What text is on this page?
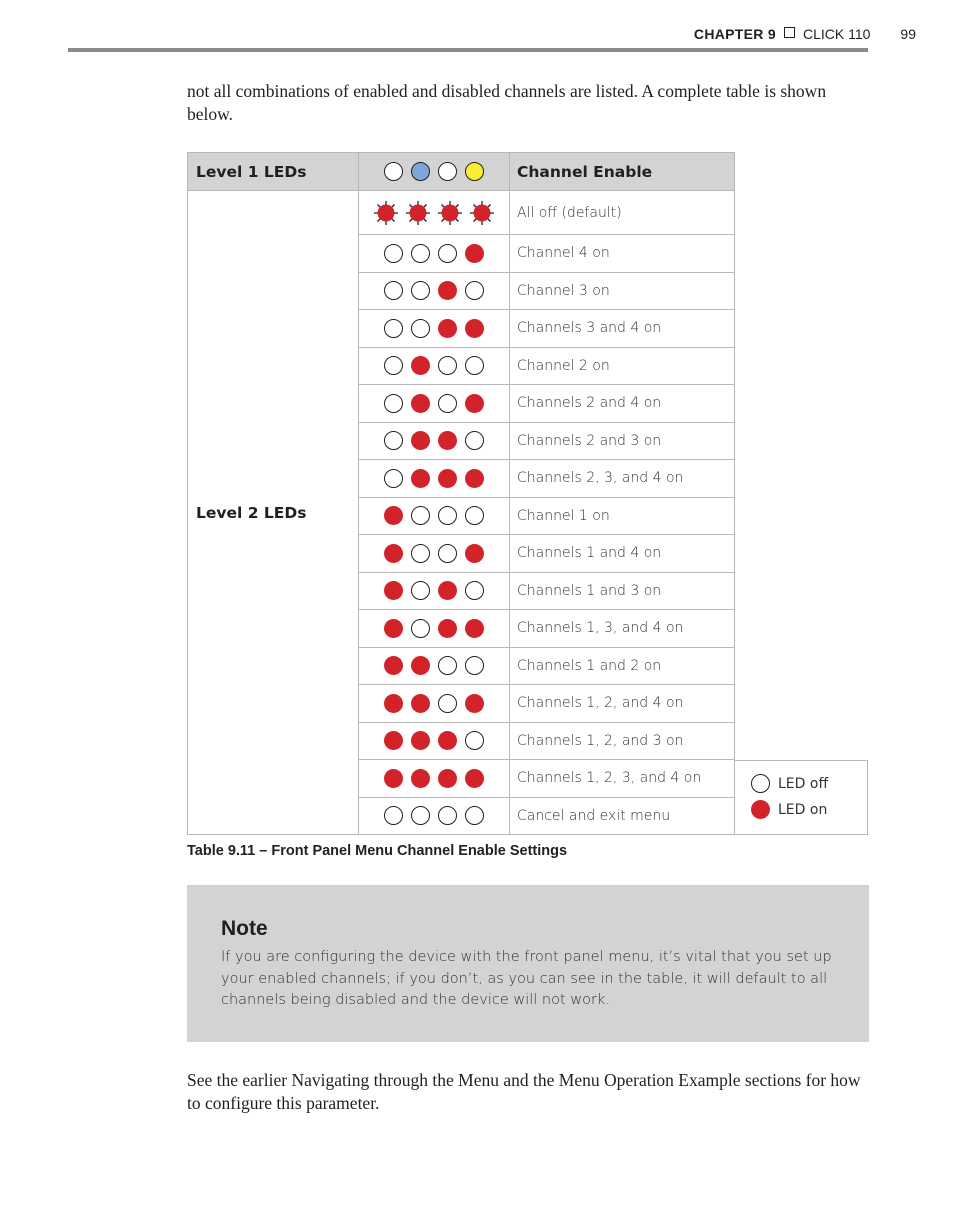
CHAPTER 9 CLICK 110 99
not all combinations of enabled and disabled channels are listed. A complete table is shown below.
Level 1 LEDs		Channel Enable
Level 2 LEDs		All off (default)

		Channel 4 on

		Channel 3 on

		Channels 3 and 4 on

		Channel 2 on

		Channels 2 and 4 on

		Channels 2 and 3 on

		Channels 2, 3, and 4 on

		Channel 1 on

		Channels 1 and 4 on

		Channels 1 and 3 on

		Channels 1, 3, and 4 on

		Channels 1 and 2 on

		Channels 1, 2, and 4 on

		Channels 1, 2, and 3 on

		Channels 1, 2, 3, and 4 on

		Cancel and exit menu
LED off
LED on
Table 9.11 – Front Panel Menu Channel Enable Settings
Note
If you are configuring the device with the front panel menu, it’s vital that you set up your enabled channels; if you don’t, as you can see in the table, it will default to all channels being disabled and the device will not work.
See the earlier Navigating through the Menu and the Menu Operation Example sections for how to configure this parameter.
